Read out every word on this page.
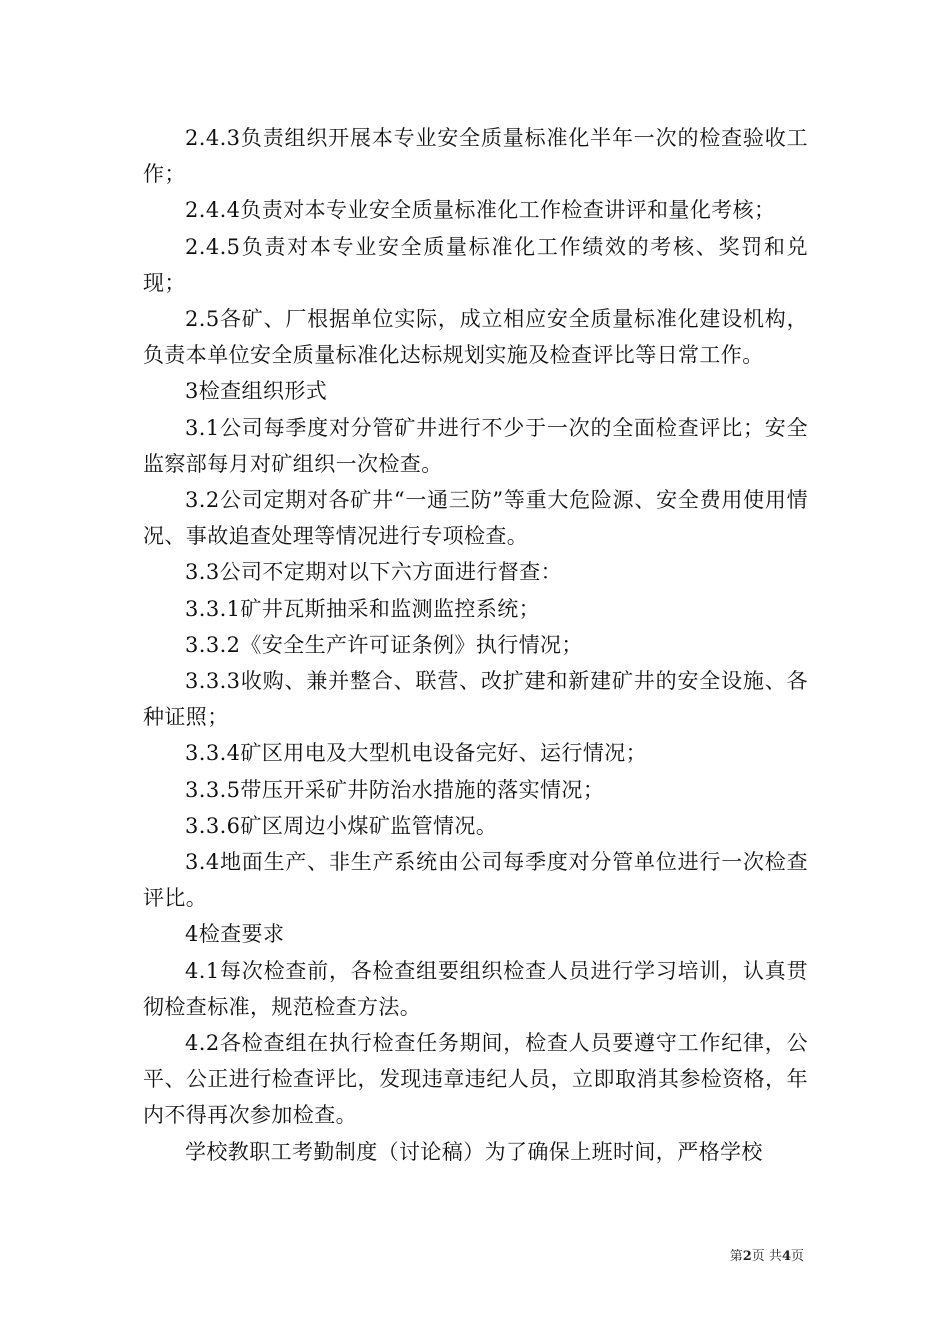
2.4.3负责组织开展本专业安全质量标准化半年一次的检查验收工作；

2.4.4负责对本专业安全质量标准化工作检查讲评和量化考核；

2.4.5负责对本专业安全质量标准化工作绩效的考核、奖罚和兑现；

2.5各矿、厂根据单位实际，成立相应安全质量标准化建设机构，负责本单位安全质量标准化达标规划实施及检查评比等日常工作。

3检查组织形式

3.1公司每季度对分管矿井进行不少于一次的全面检查评比；安全监察部每月对矿组织一次检查。

3.2公司定期对各矿井“一通三防”等重大危险源、安全费用使用情况、事故追查处理等情况进行专项检查。

3.3公司不定期对以下六方面进行督查：

3.3.1矿井瓦斯抽采和监测监控系统；

3.3.2《安全生产许可证条例》执行情况；

3.3.3收购、兼并整合、联营、改扩建和新建矿井的安全设施、各种证照；

3.3.4矿区用电及大型机电设备完好、运行情况；

3.3.5带压开采矿井防治水措施的落实情况；

3.3.6矿区周边小煤矿监管情况。

3.4地面生产、非生产系统由公司每季度对分管单位进行一次检查评比。

4检查要求

4.1每次检查前，各检查组要组织检查人员进行学习培训，认真贯彻检查标准，规范检查方法。

4.2各检查组在执行检查任务期间，检查人员要遵守工作纪律，公平、公正进行检查评比，发现违章违纪人员，立即取消其参检资格，年内不得再次参加检查。

学校教职工考勤制度（讨论稿）为了确保上班时间，严格学校

第2页 共4页
